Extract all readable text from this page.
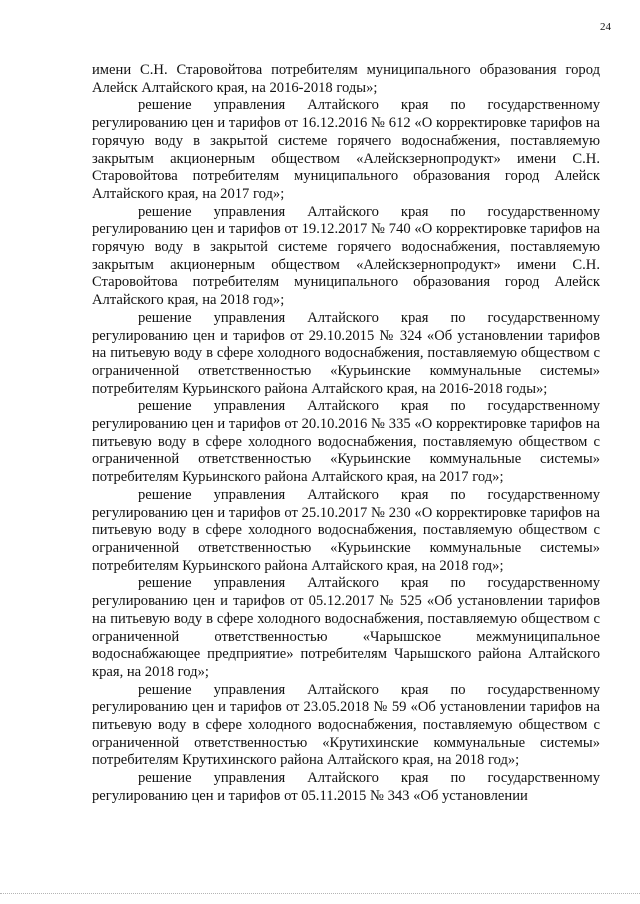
24

имени С.Н. Старовойтова потребителям муниципального образования город Алейск Алтайского края, на 2016-2018 годы»;

решение управления Алтайского края по государственному регулированию цен и тарифов от 16.12.2016 № 612 «О корректировке тарифов на горячую воду в закрытой системе горячего водоснабжения, поставляемую закрытым акционерным обществом «Алейскзернопродукт» имени С.Н. Старовойтова потребителям муниципального образования город Алейск Алтайского края, на 2017 год»;

решение управления Алтайского края по государственному регулированию цен и тарифов от 19.12.2017 № 740 «О корректировке тарифов на горячую воду в закрытой системе горячего водоснабжения, поставляемую закрытым акционерным обществом «Алейскзернопродукт» имени С.Н. Старовойтова потребителям муниципального образования город Алейск Алтайского края, на 2018 год»;

решение управления Алтайского края по государственному регулированию цен и тарифов от 29.10.2015 № 324 «Об установлении тарифов на питьевую воду в сфере холодного водоснабжения, поставляемую обществом с ограниченной ответственностью «Курьинские коммунальные системы» потребителям Курьинского района Алтайского края, на 2016-2018 годы»;

решение управления Алтайского края по государственному регулированию цен и тарифов от 20.10.2016 № 335 «О корректировке тарифов на питьевую воду в сфере холодного водоснабжения, поставляемую обществом с ограниченной ответственностью «Курьинские коммунальные системы» потребителям Курьинского района Алтайского края, на 2017 год»;

решение управления Алтайского края по государственному регулированию цен и тарифов от 25.10.2017 № 230 «О корректировке тарифов на питьевую воду в сфере холодного водоснабжения, поставляемую обществом с ограниченной ответственностью «Курьинские коммунальные системы» потребителям Курьинского района Алтайского края, на 2018 год»;

решение управления Алтайского края по государственному регулированию цен и тарифов от 05.12.2017 № 525 «Об установлении тарифов на питьевую воду в сфере холодного водоснабжения, поставляемую обществом с ограниченной ответственностью «Чарышское межмуниципальное водоснабжающее предприятие» потребителям Чарышского района Алтайского края, на 2018 год»;

решение управления Алтайского края по государственному регулированию цен и тарифов от 23.05.2018 № 59 «Об установлении тарифов на питьевую воду в сфере холодного водоснабжения, поставляемую обществом с ограниченной ответственностью «Крутихинские коммунальные системы» потребителям Крутихинского района Алтайского края, на 2018 год»;

решение управления Алтайского края по государственному регулированию цен и тарифов от 05.11.2015 № 343 «Об установлении
